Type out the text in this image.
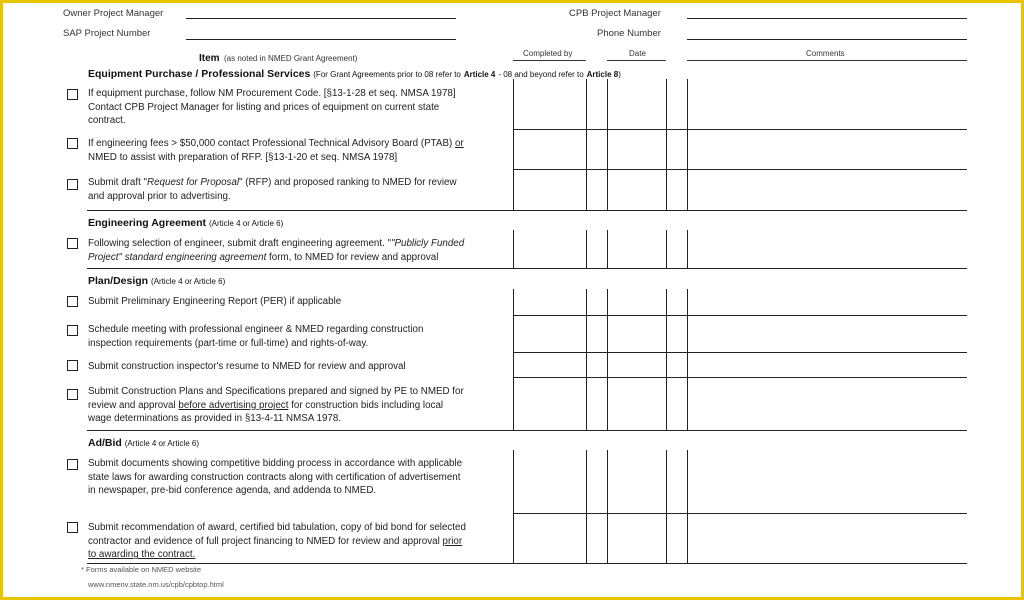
Owner Project Manager
SAP Project Number
CPB Project Manager
Phone Number
Item (as noted in NMED Grant Agreement)
Completed by	Date	Comments
Equipment Purchase / Professional Services (For Grant Agreements prior to 08 refer to Article 4 - 08 and beyond refer to Article 8)
If equipment purchase, follow NM Procurement Code. [§13-1-28 et seq. NMSA 1978]
Contact CPB Project Manager for listing and prices of equipment on current state
contract.
If engineering fees > $50,000 contact Professional Technical Advisory Board (PTAB) or
NMED to assist with preparation of RFP. [§13-1-20 et seq. NMSA 1978]
Submit draft "Request for Proposal" (RFP) and proposed ranking to NMED for review
and approval prior to advertising.
Engineering Agreement (Article 4 or Article 6)
Following selection of engineer, submit draft engineering agreement. ""Publicly Funded
Project" standard engineering agreement form, to NMED for review and approval
Plan/Design (Article 4 or Article 6)
Submit Preliminary Engineering Report (PER) if applicable
Schedule meeting with professional engineer & NMED regarding construction
inspection requirements (part-time or full-time) and rights-of-way.
Submit construction inspector's resume to NMED for review and approval
Submit Construction Plans and Specifications prepared and signed by PE to NMED for
review and approval before advertising project for construction bids including local
wage determinations as provided in §13-4-11 NMSA 1978.
Ad/Bid (Article 4 or Article 6)
Submit documents showing competitive bidding process in accordance with applicable
state laws for awarding construction contracts along with certification of advertisement
in newspaper, pre-bid conference agenda, and addenda to NMED.
Submit recommendation of award, certified bid tabulation, copy of bid bond for selected
contractor and evidence of full project financing to NMED for review and approval prior
to awarding the contract.
* Forms available on NMED website
www.nmenv.state.nm.us/cpb/cpbtop.html
